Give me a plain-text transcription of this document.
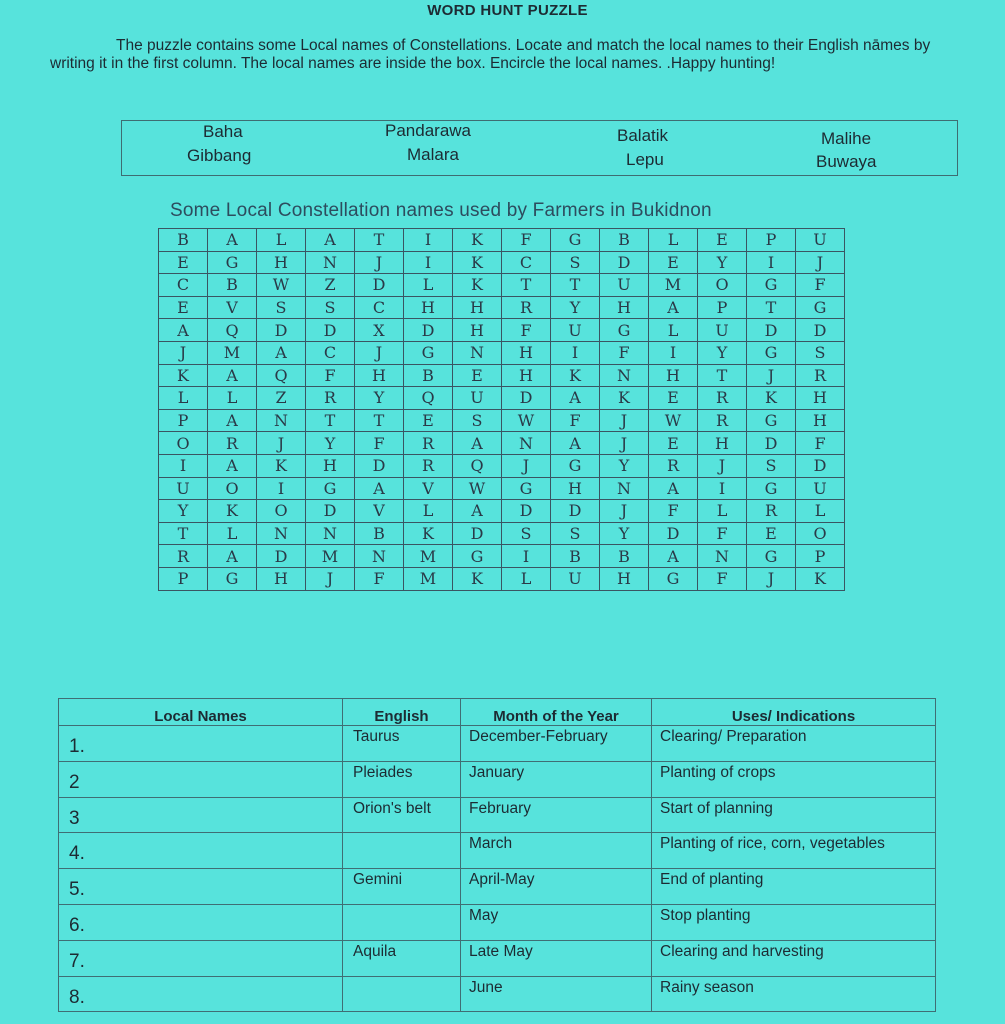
WORD HUNT PUZZLE

The puzzle contains some Local names of Constellations. Locate and match the local names to their English nāmes by writing it in the first column. The local names are inside the box. Encircle the local names. .Happy hunting!

Baha
Gibbang
Pandarawa
Malara
Balatik
Lepu
Malihe
Buwaya
Some Local Constellation names used by Farmers in Bukidnon
B	A	L	A	T	I	K	F	G	B	L	E	P	U
E	G	H	N	J	I	K	C	S	D	E	Y	I	J
C	B	W	Z	D	L	K	T	T	U	M	O	G	F
E	V	S	S	C	H	H	R	Y	H	A	P	T	G
A	Q	D	D	X	D	H	F	U	G	L	U	D	D
J	M	A	C	J	G	N	H	I	F	I	Y	G	S
K	A	Q	F	H	B	E	H	K	N	H	T	J	R
L	L	Z	R	Y	Q	U	D	A	K	E	R	K	H
P	A	N	T	T	E	S	W	F	J	W	R	G	H
O	R	J	Y	F	R	A	N	A	J	E	H	D	F
I	A	K	H	D	R	Q	J	G	Y	R	J	S	D
U	O	I	G	A	V	W	G	H	N	A	I	G	U
Y	K	O	D	V	L	A	D	D	J	F	L	R	L
T	L	N	N	B	K	D	S	S	Y	D	F	E	O
R	A	D	M	N	M	G	I	B	B	A	N	G	P
P	G	H	J	F	M	K	L	U	H	G	F	J	K
Local Names	English	Month of the Year	Uses/ Indications
1.	Taurus	December-February	Clearing/ Preparation
2	Pleiades	January	Planting of crops
3	Orion's belt	February	Start of planning
4.		March	Planting of rice, corn, vegetables
5.	Gemini	April-May	End of planting
6.		May	Stop planting
7.	Aquila	Late May	Clearing and harvesting
8.		June	Rainy season
